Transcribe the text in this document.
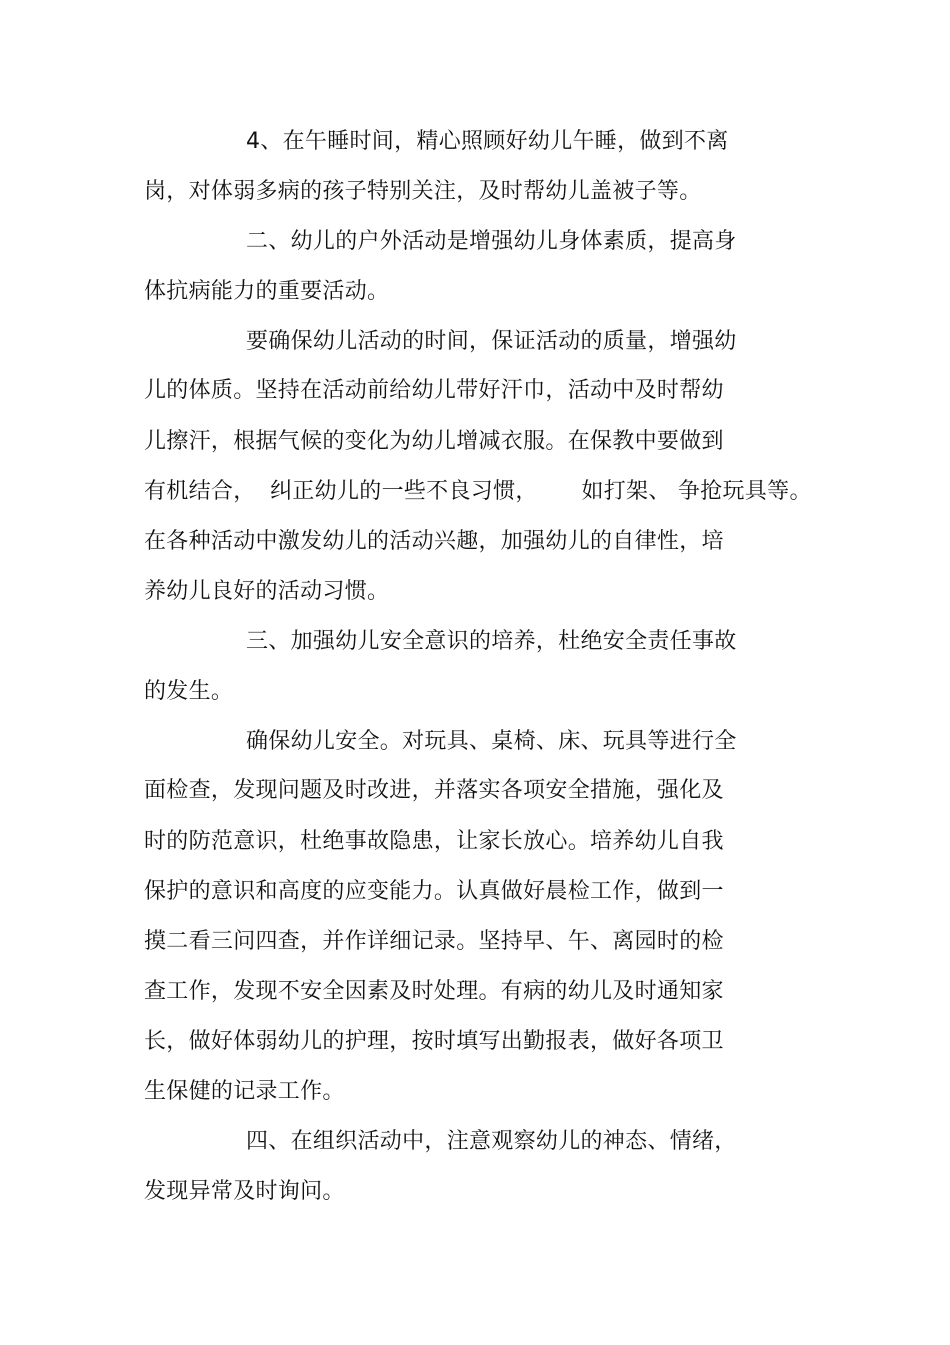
4、在午睡时间，精心照顾好幼儿午睡，做到不离
岗，对体弱多病的孩子特别关注，及时帮幼儿盖被子等。
二、幼儿的户外活动是增强幼儿身体素质，提高身
体抗病能力的重要活动。
要确保幼儿活动的时间，保证活动的质量，增强幼
儿的体质。坚持在活动前给幼儿带好汗巾，活动中及时帮幼
儿擦汗，根据气候的变化为幼儿增减衣服。在保教中要做到
有机结合，  纠正幼儿的一些不良习惯，      如打架、 争抢玩具等。
在各种活动中激发幼儿的活动兴趣，加强幼儿的自律性，培
养幼儿良好的活动习惯。
三、加强幼儿安全意识的培养，杜绝安全责任事故
的发生。
确保幼儿安全。对玩具、桌椅、床、玩具等进行全
面检查，发现问题及时改进，并落实各项安全措施，强化及
时的防范意识，杜绝事故隐患，让家长放心。培养幼儿自我
保护的意识和高度的应变能力。认真做好晨检工作，做到一
摸二看三问四查，并作详细记录。坚持早、午、离园时的检
查工作，发现不安全因素及时处理。有病的幼儿及时通知家
长，做好体弱幼儿的护理，按时填写出勤报表，做好各项卫
生保健的记录工作。
四、在组织活动中，注意观察幼儿的神态、情绪，
发现异常及时询问。
